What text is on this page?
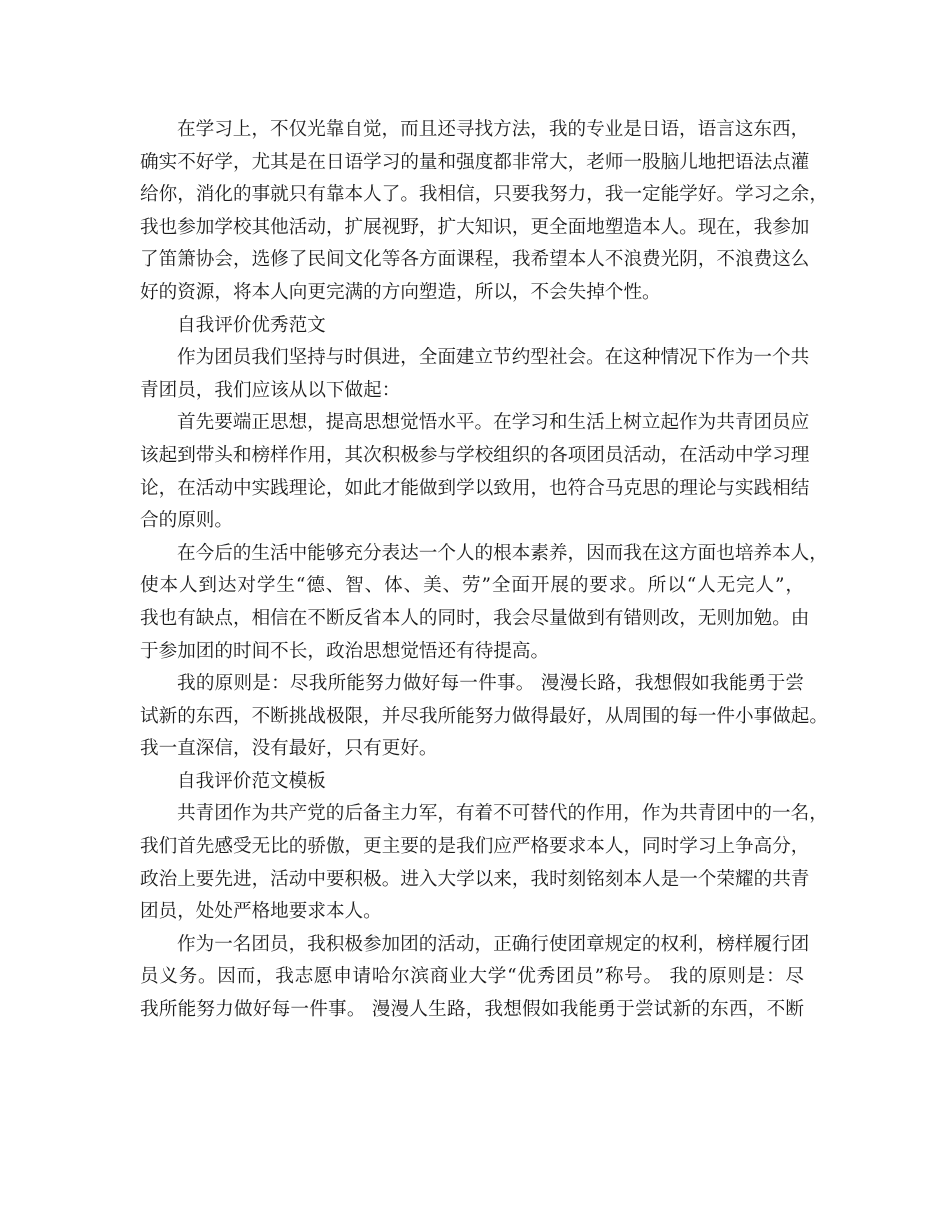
在学习上，不仅光靠自觉，而且还寻找方法，我的专业是日语，语言这东西，
确实不好学，尤其是在日语学习的量和强度都非常大，老师一股脑儿地把语法点灌
给你，消化的事就只有靠本人了。我相信，只要我努力，我一定能学好。学习之余，
我也参加学校其他活动，扩展视野，扩大知识，更全面地塑造本人。现在，我参加
了笛箫协会，选修了民间文化等各方面课程，我希望本人不浪费光阴，不浪费这么
好的资源，将本人向更完满的方向塑造，所以，不会失掉个性。
自我评价优秀范文
作为团员我们坚持与时俱进，全面建立节约型社会。在这种情况下作为一个共
青团员，我们应该从以下做起：
首先要端正思想，提高思想觉悟水平。在学习和生活上树立起作为共青团员应
该起到带头和榜样作用，其次积极参与学校组织的各项团员活动，在活动中学习理
论，在活动中实践理论，如此才能做到学以致用，也符合马克思的理论与实践相结
合的原则。
在今后的生活中能够充分表达一个人的根本素养，因而我在这方面也培养本人，
使本人到达对学生“德、智、体、美、劳”全面开展的要求。所以“人无完人”，
我也有缺点，相信在不断反省本人的同时，我会尽量做到有错则改，无则加勉。由
于参加团的时间不长，政治思想觉悟还有待提高。
我的原则是：尽我所能努力做好每一件事。 漫漫长路，我想假如我能勇于尝
试新的东西，不断挑战极限，并尽我所能努力做得最好，从周围的每一件小事做起。
我一直深信，没有最好，只有更好。
自我评价范文模板
共青团作为共产党的后备主力军，有着不可替代的作用，作为共青团中的一名，
我们首先感受无比的骄傲，更主要的是我们应严格要求本人，同时学习上争高分，
政治上要先进，活动中要积极。进入大学以来，我时刻铭刻本人是一个荣耀的共青
团员，处处严格地要求本人。
作为一名团员，我积极参加团的活动，正确行使团章规定的权利，榜样履行团
员义务。因而，我志愿申请哈尔滨商业大学“优秀团员”称号。 我的原则是：尽
我所能努力做好每一件事。 漫漫人生路，我想假如我能勇于尝试新的东西，不断
